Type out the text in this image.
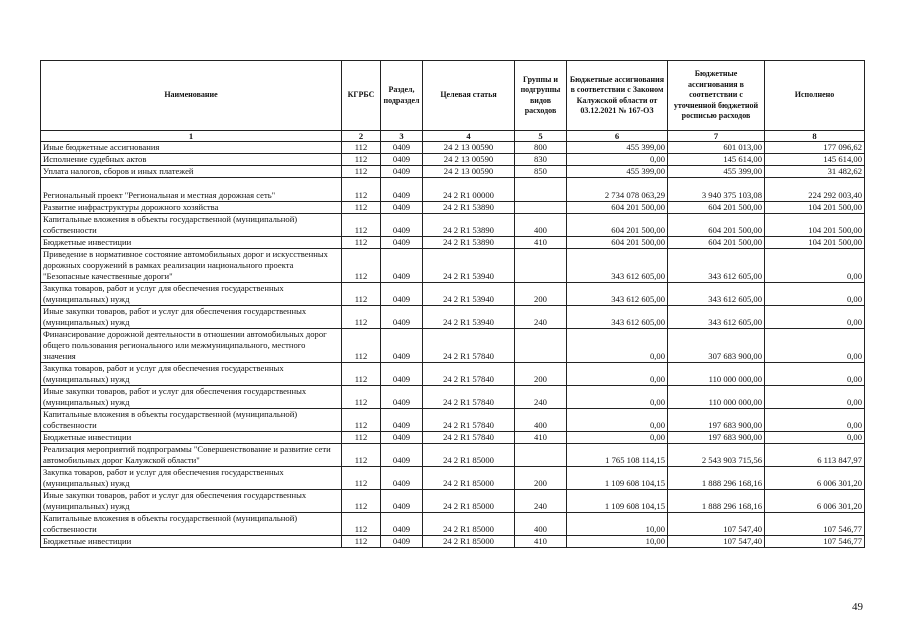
Наименование	КГРБС	Раздел, подраздел	Целевая статья	Группы и подгруппы видов расходов	Бюджетные ассигнования в соответствии с Законом Калужской области от 03.12.2021 № 167-ОЗ	Бюджетные ассигнования в соответствии с уточненной бюджетной росписью расходов	Исполнено
1	2	3	4	5	6	7	8
Иные бюджетные ассигнования	112	0409	24 2 13 00590	800	455 399,00	601 013,00	177 096,62
Исполнение судебных актов	112	0409	24 2 13 00590	830	0,00	145 614,00	145 614,00
Уплата налогов, сборов и иных платежей	112	0409	24 2 13 00590	850	455 399,00	455 399,00	31 482,62
Региональный проект "Региональная и местная дорожная сеть"	112	0409	24 2 R1 00000		2 734 078 063,29	3 940 375 103,08	224 292 003,40
Развитие инфраструктуры дорожного хозяйства	112	0409	24 2 R1 53890		604 201 500,00	604 201 500,00	104 201 500,00
Капитальные вложения в объекты государственной (муниципальной) собственности	112	0409	24 2 R1 53890	400	604 201 500,00	604 201 500,00	104 201 500,00
Бюджетные инвестиции	112	0409	24 2 R1 53890	410	604 201 500,00	604 201 500,00	104 201 500,00
Приведение в нормативное состояние автомобильных дорог и искусственных дорожных сооружений в рамках реализации национального проекта "Безопасные качественные дороги"	112	0409	24 2 R1 53940		343 612 605,00	343 612 605,00	0,00
Закупка товаров, работ и услуг для обеспечения государственных (муниципальных) нужд	112	0409	24 2 R1 53940	200	343 612 605,00	343 612 605,00	0,00
Иные закупки товаров, работ и услуг для обеспечения государственных (муниципальных) нужд	112	0409	24 2 R1 53940	240	343 612 605,00	343 612 605,00	0,00
Финансирование дорожной деятельности в отношении автомобильных дорог общего пользования регионального или межмуниципального, местного значения	112	0409	24 2 R1 57840		0,00	307 683 900,00	0,00
Закупка товаров, работ и услуг для обеспечения государственных (муниципальных) нужд	112	0409	24 2 R1 57840	200	0,00	110 000 000,00	0,00
Иные закупки товаров, работ и услуг для обеспечения государственных (муниципальных) нужд	112	0409	24 2 R1 57840	240	0,00	110 000 000,00	0,00
Капитальные вложения в объекты государственной (муниципальной) собственности	112	0409	24 2 R1 57840	400	0,00	197 683 900,00	0,00
Бюджетные инвестиции	112	0409	24 2 R1 57840	410	0,00	197 683 900,00	0,00
Реализация мероприятий подпрограммы "Совершенствование и развитие сети автомобильных дорог Калужской области"	112	0409	24 2 R1 85000		1 765 108 114,15	2 543 903 715,56	6 113 847,97
Закупка товаров, работ и услуг для обеспечения государственных (муниципальных) нужд	112	0409	24 2 R1 85000	200	1 109 608 104,15	1 888 296 168,16	6 006 301,20
Иные закупки товаров, работ и услуг для обеспечения государственных (муниципальных) нужд	112	0409	24 2 R1 85000	240	1 109 608 104,15	1 888 296 168,16	6 006 301,20
Капитальные вложения в объекты государственной (муниципальной) собственности	112	0409	24 2 R1 85000	400	10,00	107 547,40	107 546,77
Бюджетные инвестиции	112	0409	24 2 R1 85000	410	10,00	107 547,40	107 546,77
49
